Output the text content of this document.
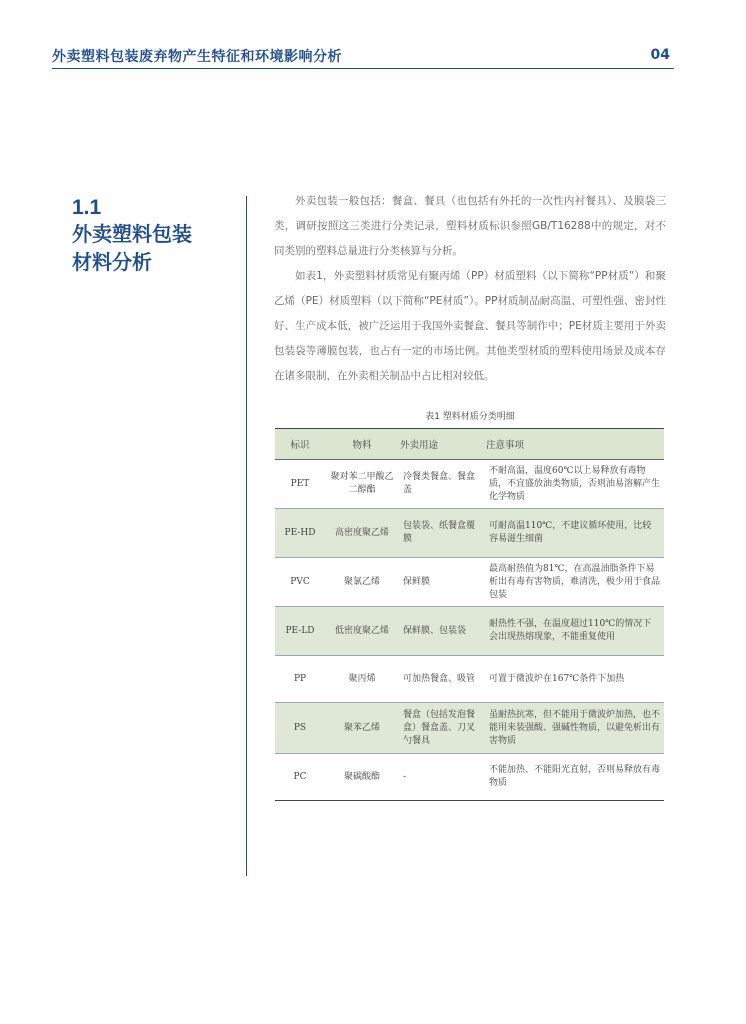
外卖塑料包装废弃物产生特征和环境影响分析	04
1.1
外卖塑料包装
材料分析

外卖包装一般包括：餐盒、餐具（也包括有外托的一次性内衬餐具）、及膜袋三类，调研按照这三类进行分类记录，塑料材质标识参照GB/T16288中的规定，对不同类别的塑料总量进行分类核算与分析。

如表1，外卖塑料材质常见有聚丙烯（PP）材质塑料（以下简称“PP材质”）和聚乙烯（PE）材质塑料（以下简称“PE材质”）。PP材质制品耐高温、可塑性强、密封性好、生产成本低，被广泛运用于我国外卖餐盒、餐具等制作中；PE材质主要用于外卖包装袋等薄膜包装，也占有一定的市场比例。其他类型材质的塑料使用场景及成本存在诸多限制，在外卖相关制品中占比相对较低。

表1 塑料材质分类明细
标识	物料	外卖用途	注意事项
PET	聚对苯二甲酸乙二醇酯	冷餐类餐盒、餐盒盖	不耐高温，温度60℃以上易释放有毒物质，不宜盛放油类物质，否则油易溶解产生化学物质
PE-HD	高密度聚乙烯	包装袋、纸餐盒覆膜	可耐高温110℃，不建议循环使用，比较容易滋生细菌
PVC	聚氯乙烯	保鲜膜	最高耐热值为81℃，在高温油脂条件下易析出有毒有害物质，难清洗，极少用于食品包装
PE-LD	低密度聚乙烯	保鲜膜、包装袋	耐热性不强，在温度超过110℃的情况下会出现热熔现象，不能重复使用
PP	聚丙烯	可加热餐盒、吸管	可置于微波炉在167℃条件下加热
PS	聚苯乙烯	餐盒（包括发泡餐盒）餐盒盖、刀叉勺餐具	虽耐热抗寒，但不能用于微波炉加热，也不能用来装强酸、强碱性物质，以避免析出有害物质
PC	聚碳酸酯	-	不能加热、不能阳光直射，否则易释放有毒物质
